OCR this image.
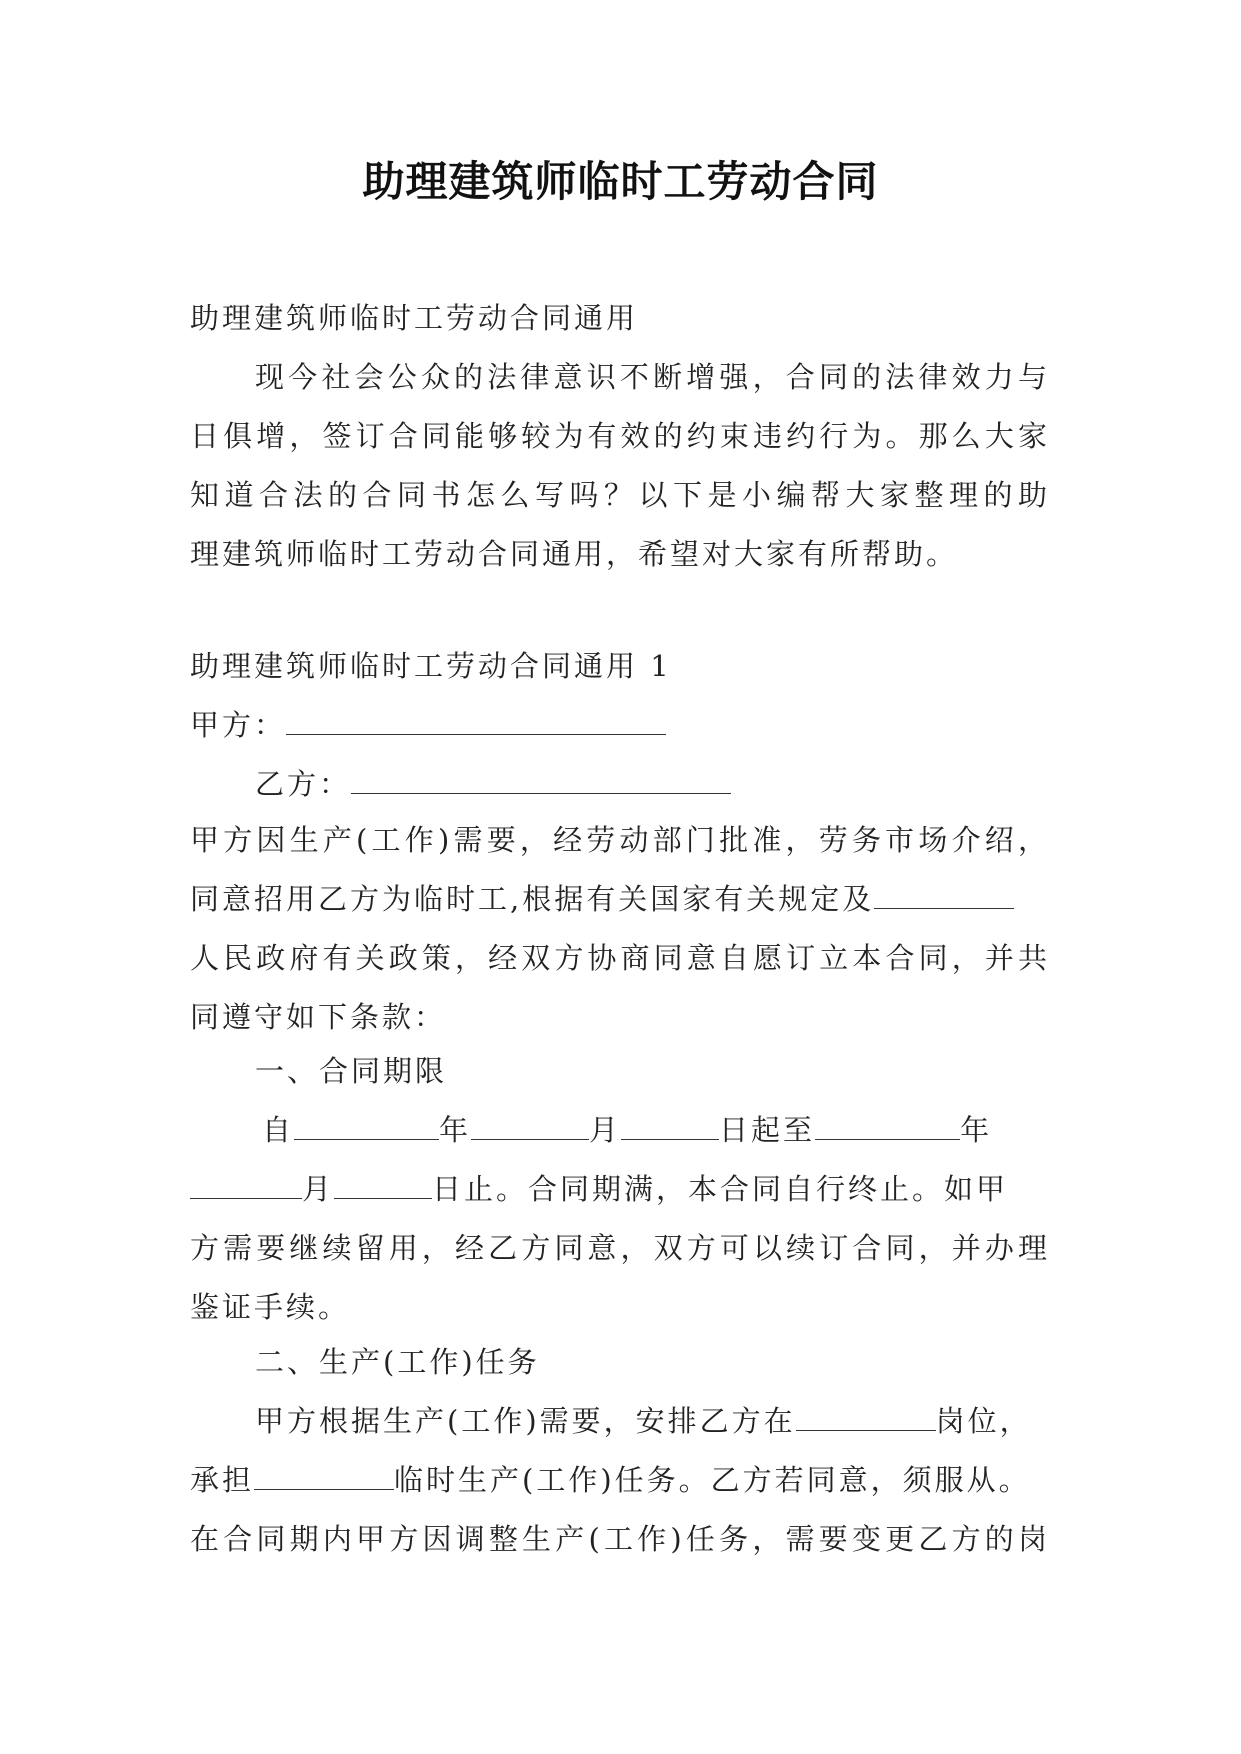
助理建筑师临时工劳动合同
助理建筑师临时工劳动合同通用
现今社会公众的法律意识不断增强，合同的法律效力与
日俱增，签订合同能够较为有效的约束违约行为。那么大家
知道合法的合同书怎么写吗？以下是小编帮大家整理的助
理建筑师临时工劳动合同通用，希望对大家有所帮助。
助理建筑师临时工劳动合同通用 1
甲方：
乙方：
甲方因生产(工作)需要，经劳动部门批准，劳务市场介绍，
同意招用乙方为临时工,根据有关国家有关规定及
人民政府有关政策，经双方协商同意自愿订立本合同，并共
同遵守如下条款：
一、合同期限
自	年	月	日起至	年
月	日止。合同期满，本合同自行终止。如甲
方需要继续留用，经乙方同意，双方可以续订合同，并办理
鉴证手续。
二、生产(工作)任务
甲方根据生产(工作)需要，安排乙方在	岗位，
承担	临时生产(工作)任务。乙方若同意，须服从。
在合同期内甲方因调整生产(工作)任务，需要变更乙方的岗
